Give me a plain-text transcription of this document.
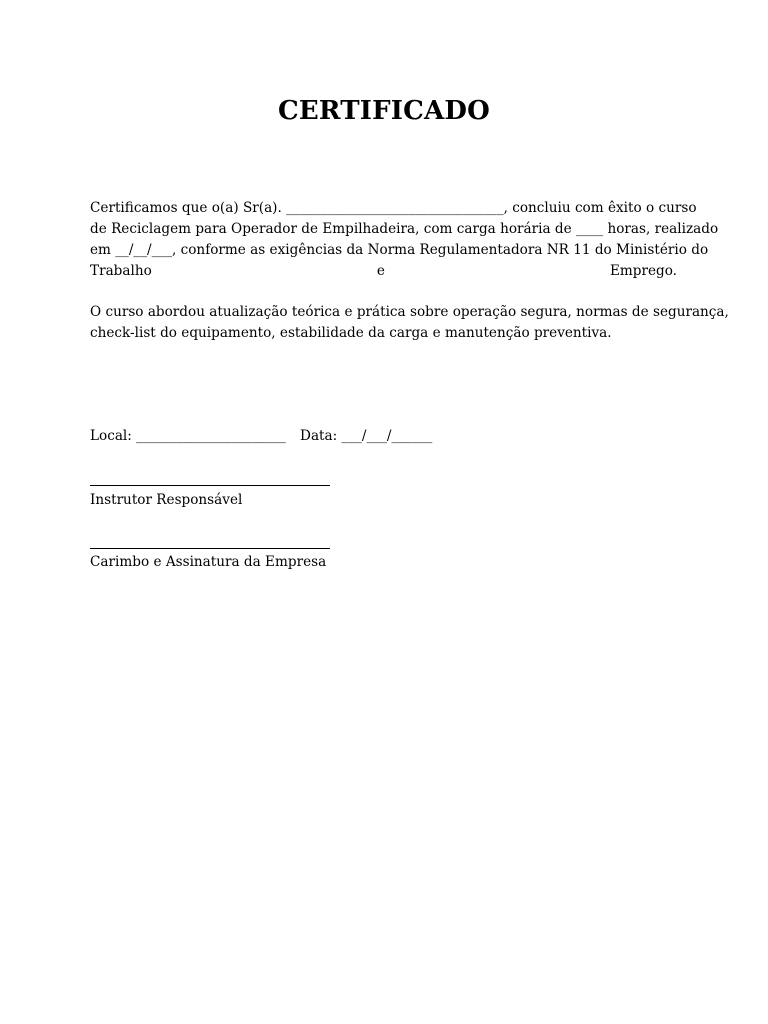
CERTIFICADO
Certificamos que o(a) Sr(a). ________________________________, concluiu com êxito o curso
de Reciclagem para Operador de Empilhadeira, com carga horária de ____ horas, realizado
em __/__/___, conforme as exigências da Norma Regulamentadora NR 11 do Ministério do
Trabalho	e	Emprego.
O curso abordou atualização teórica e prática sobre operação segura, normas de segurança,
check-list do equipamento, estabilidade da carga e manutenção preventiva.
Local: ______________________ Data: ___/___/______
Instrutor Responsável
Carimbo e Assinatura da Empresa
